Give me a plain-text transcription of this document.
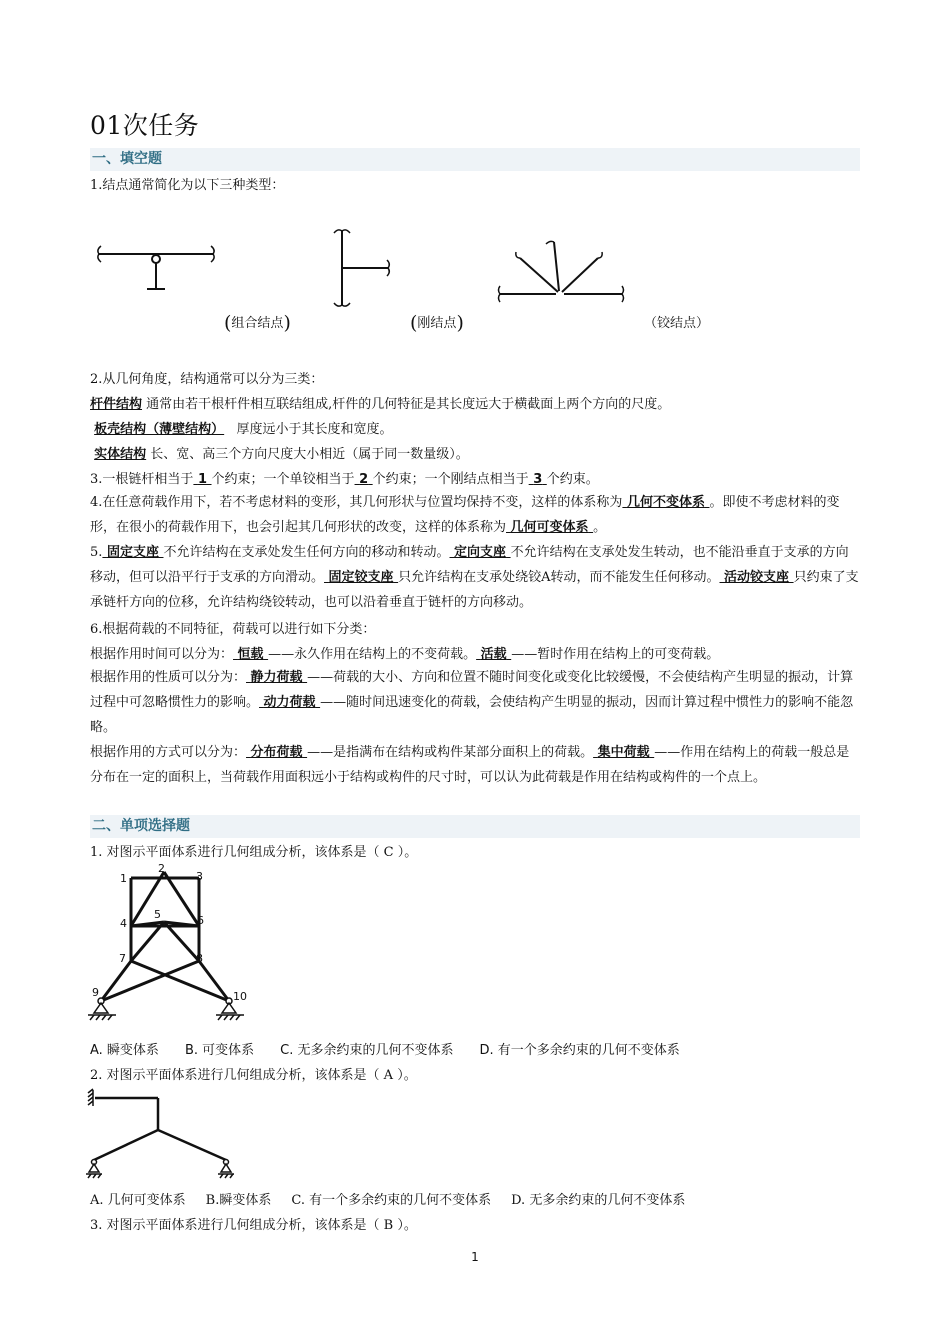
01次任务
一、填空题
1.结点通常简化为以下三种类型：
(组合结点)	(刚结点)	（铰结点）
2.从几何角度，结构通常可以分为三类：
杆件结构 通常由若干根杆件相互联结组成,杆件的几何特征是其长度远大于横截面上两个方向的尺度。
板壳结构（薄壁结构）   厚度远小于其长度和宽度。
实体结构 长、宽、高三个方向尺度大小相近（属于同一数量级）。
3.一根链杆相当于 1 个约束；一个单铰相当于 2 个约束；一个刚结点相当于 3 个约束。
4.在任意荷载作用下，若不考虑材料的变形，其几何形状与位置均保持不变，这样的体系称为 几何不变体系 。即使不考虑材料的变形，在很小的荷载作用下，也会引起其几何形状的改变，这样的体系称为 几何可变体系 。
5. 固定支座 不允许结构在支承处发生任何方向的移动和转动。 定向支座 不允许结构在支承处发生转动，也不能沿垂直于支承的方向移动，但可以沿平行于支承的方向滑动。 固定铰支座 只允许结构在支承处绕铰A转动，而不能发生任何移动。 活动铰支座 只约束了支承链杆方向的位移，允许结构绕铰转动，也可以沿着垂直于链杆的方向移动。
6.根据荷载的不同特征，荷载可以进行如下分类：
根据作用时间可以分为： 恒载 ——永久作用在结构上的不变荷载。 活载 ——暂时作用在结构上的可变荷载。
根据作用的性质可以分为： 静力荷载 ——荷载的大小、方向和位置不随时间变化或变化比较缓慢，不会使结构产生明显的振动，计算过程中可忽略惯性力的影响。 动力荷载 ——随时间迅速变化的荷载，会使结构产生明显的振动，因而计算过程中惯性力的影响不能忽略。
根据作用的方式可以分为： 分布荷载 ——是指满布在结构或构件某部分面积上的荷载。 集中荷载 ——作用在结构上的荷载一般总是分布在一定的面积上，当荷载作用面积远小于结构或构件的尺寸时，可以认为此荷载是作用在结构或构件的一个点上。
二、单项选择题
1. 对图示平面体系进行几何组成分析，该体系是（ C ）。
1
2
3
4
5	6
7	8
9	10
A. 瞬变体系 B. 可变体系 C. 无多余约束的几何不变体系 D. 有一个多余约束的几何不变体系
2. 对图示平面体系进行几何组成分析，该体系是（ A ）。
A. 几何可变体系 B.瞬变体系 C. 有一个多余约束的几何不变体系 D. 无多余约束的几何不变体系
3. 对图示平面体系进行几何组成分析，该体系是（ B ）。
1
